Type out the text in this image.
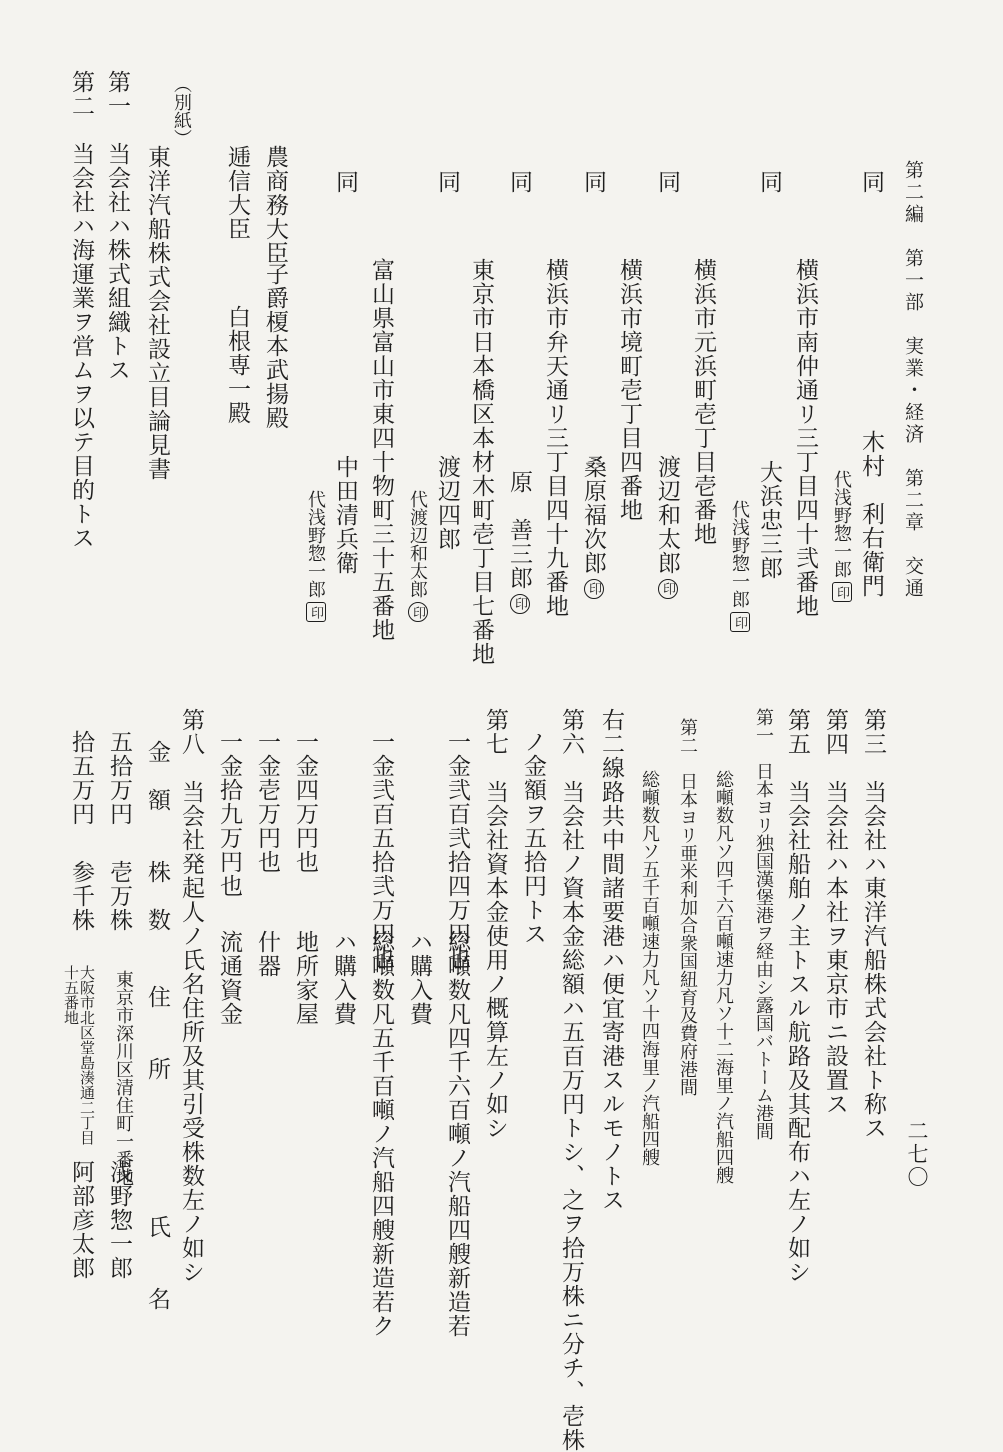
第二編　第一部　実業・経済　第二章　交通
二七〇
同
木村　利右衛門
代浅野惣一郎印
同
横浜市南仲通リ三丁目四十弐番地
大浜忠三郎
代浅野惣一郎印
同
横浜市元浜町壱丁目壱番地
渡辺和太郎印
同
横浜市境町壱丁目四番地
桑原福次郎印
同
横浜市弁天通リ三丁目四十九番地
原　善三郎印
同
東京市日本橋区本材木町壱丁目七番地
渡辺四郎
代渡辺和太郎印
同
富山県富山市東四十物町三十五番地
中田清兵衛
代浅野惣一郎印
農商務大臣
子爵榎本武揚殿
逓信大臣
白根専一殿
（別紙）
東洋汽船株式会社設立目論見書
第一　当会社ハ株式組織トス
第二　当会社ハ海運業ヲ営ムヲ以テ目的トス
第三　当会社ハ東洋汽船株式会社ト称ス
第四　当会社ハ本社ヲ東京市ニ設置ス
第五　当会社船舶ノ主トスル航路及其配布ハ左ノ如シ
第一　日本ヨリ独国漢堡港ヲ経由シ露国バトーム港間
総噸数凡ソ四千六百噸速力凡ソ十二海里ノ汽船四艘
第二　日本ヨリ亜米利加合衆国紐育及費府港間
総噸数凡ソ五千百噸速力凡ソ十四海里ノ汽船四艘
右二線路共中間諸要港ハ便宜寄港スルモノトス
第六　当会社ノ資本金総額ハ五百万円トシ、之ヲ拾万株ニ分チ、壱株
ノ金額ヲ五拾円トス
第七　当会社資本金使用ノ概算左ノ如シ
一金弐百弐拾四万円也
総噸数凡四千六百噸ノ汽船四艘新造若
ハ購入費
一金弐百五拾弐万円也
総噸数凡五千百噸ノ汽船四艘新造若ク
ハ購入費
一金四万円也
地所家屋
一金壱万円也
什器
一金拾九万円也
流通資金
第八　当会社発起人ノ氏名住所及其引受株数左ノ如シ
金　額
株　数
住　　所
氏　　名
五拾万円
壱万株
東京市深川区清住町一番地
浅野惣一郎
拾五万円
参千株
大阪市北区堂島湊通二丁目
十五番地
阿部彦太郎
